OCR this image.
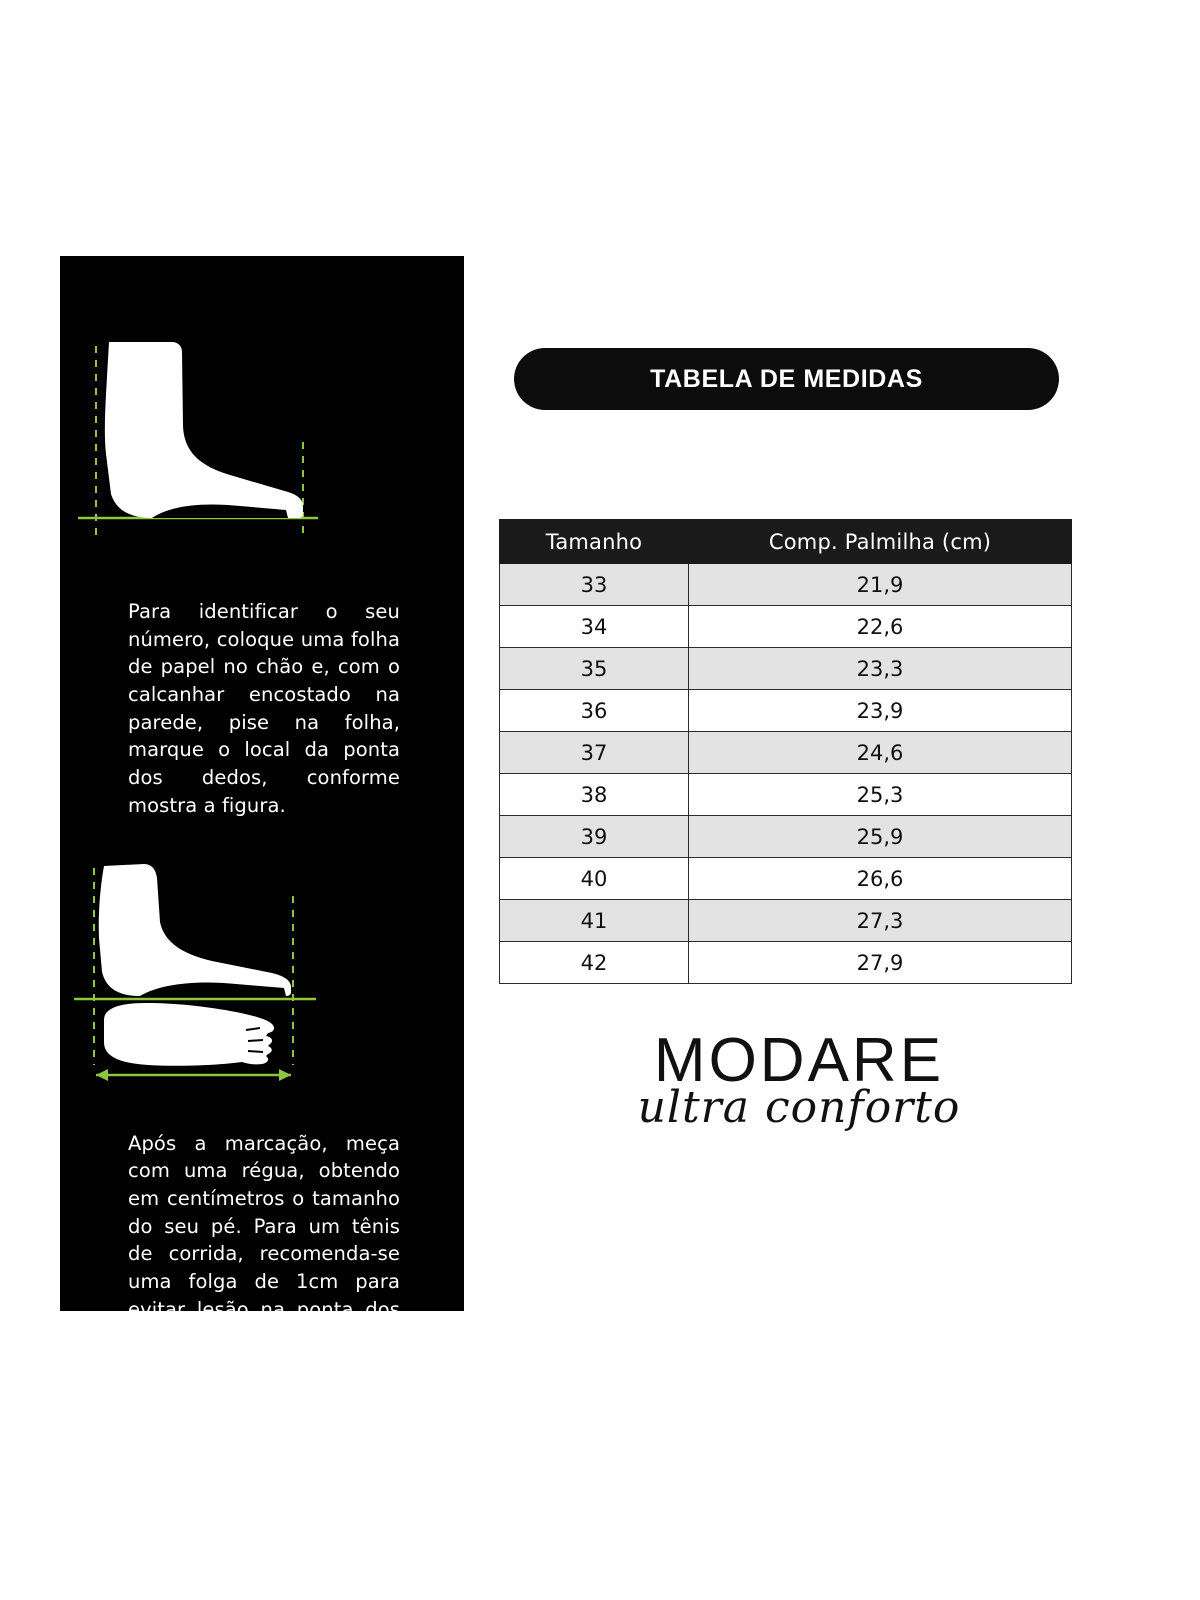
Para identificar o seu número, coloque uma folha de papel no chão e, com o calcanhar encostado na parede, pise na folha, marque o local da ponta dos dedos, conforme mostra a figura.
Após a marcação, meça com uma régua, obtendo em centímetros o tamanho do seu pé. Para um tênis de corrida, recomenda-se uma folga de 1cm para evitar lesão na ponta dos dedos.
TABELA DE MEDIDAS
Tamanho	Comp. Palmilha (cm)
33	21,9
34	22,6
35	23,3
36	23,9
37	24,6
38	25,3
39	25,9
40	26,6
41	27,3
42	27,9
MODARE
ultra conforto
